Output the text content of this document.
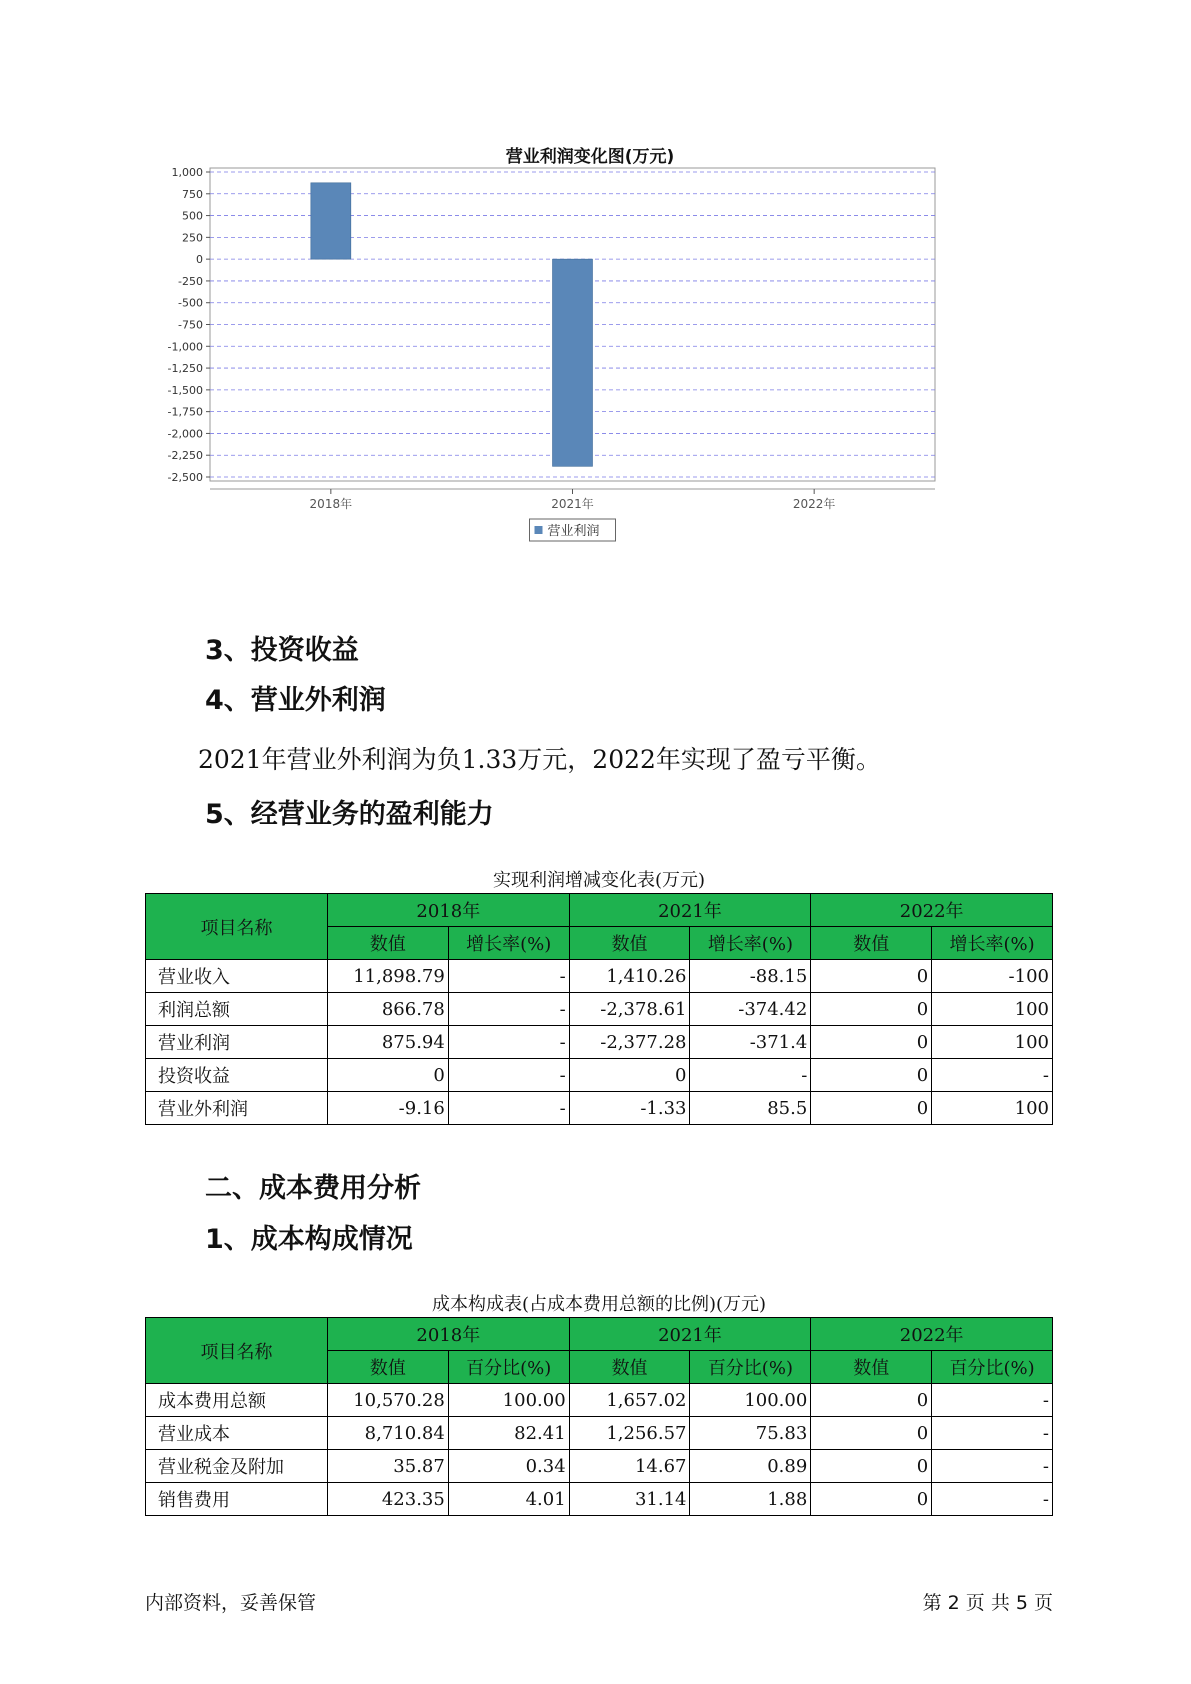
营业利润变化图(万元)
1,000
750
500
250
0
-250
-500
-750
-1,000
-1,250
-1,500
-1,750
-2,000
-2,250
-2,500
2018年	2021年	2022年
营业利润
3、投资收益
4、营业外利润
2021年营业外利润为负1.33万元，2022年实现了盈亏平衡。
5、经营业务的盈利能力
实现利润增减变化表(万元)
项目名称	2018年		2021年		2022年	
	数值	增长率(%)	数值	增长率(%)	数值	增长率(%)
营业收入	11,898.79	-	1,410.26	-88.15	0	-100
利润总额	866.78	-	-2,378.61	-374.42	0	100
营业利润	875.94	-	-2,377.28	-371.4	0	100
投资收益	0	-	0	-	0	-
营业外利润	-9.16	-	-1.33	85.5	0	100
二、成本费用分析
1、成本构成情况
成本构成表(占成本费用总额的比例)(万元)
项目名称	2018年		2021年		2022年	
	数值	百分比(%)	数值	百分比(%)	数值	百分比(%)
成本费用总额	10,570.28	100.00	1,657.02	100.00	0	-
营业成本	8,710.84	82.41	1,256.57	75.83	0	-
营业税金及附加	35.87	0.34	14.67	0.89	0	-
销售费用	423.35	4.01	31.14	1.88	0	-
内部资料，妥善保管	第 2 页 共 5 页
